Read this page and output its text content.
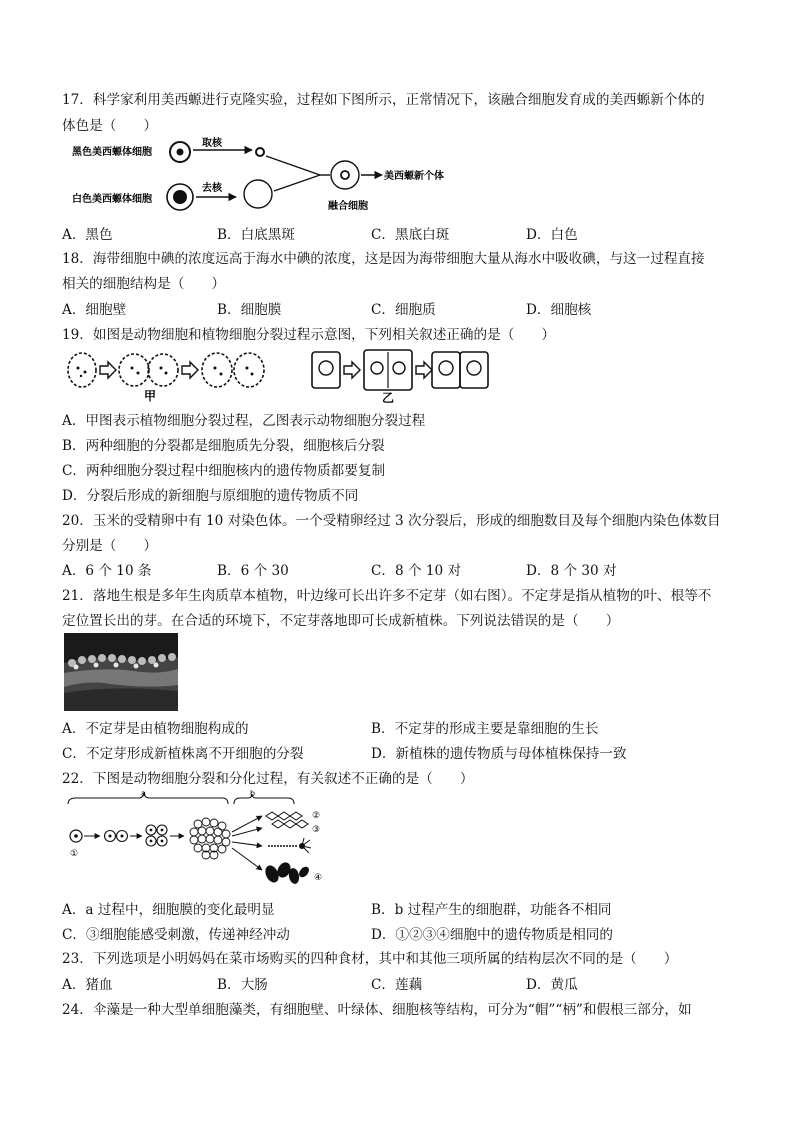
17．科学家利用美西螈进行克隆实验，过程如下图所示，正常情况下，该融合细胞发育成的美西螈新个体的
体色是（　　）
黑色美西螈体细胞
取核
白色美西螈体细胞
去核
美西螈新个体
融合细胞
A．黑色	B．白底黑斑	C．黑底白斑	D．白色
18．海带细胞中碘的浓度远高于海水中碘的浓度，这是因为海带细胞大量从海水中吸收碘，与这一过程直接
相关的细胞结构是（　　）
A．细胞壁	B．细胞膜	C．细胞质	D．细胞核
19．如图是动物细胞和植物细胞分裂过程示意图，下列相关叙述正确的是（　　）
甲	乙
A．甲图表示植物细胞分裂过程，乙图表示动物细胞分裂过程
B．两种细胞的分裂都是细胞质先分裂，细胞核后分裂
C．两种细胞分裂过程中细胞核内的遗传物质都要复制
D．分裂后形成的新细胞与原细胞的遗传物质不同
20．玉米的受精卵中有 10 对染色体。一个受精卵经过 3 次分裂后，形成的细胞数目及每个细胞内染色体数目
分别是（　　）
A．6 个 10 条	B．6 个 30	C．8 个 10 对	D．8 个 30 对
21．落地生根是多年生肉质草本植物，叶边缘可长出许多不定芽（如右图）。不定芽是指从植物的叶、根等不
定位置长出的芽。在合适的环境下，不定芽落地即可长成新植株。下列说法错误的是（　　）
A．不定芽是由植物细胞构成的	B．不定芽的形成主要是靠细胞的生长
C．不定芽形成新植株离不开细胞的分裂	D．新植株的遗传物质与母体植株保持一致
22．下图是动物细胞分裂和分化过程，有关叙述不正确的是（　　）
a	b
①
②
③
④
A．a 过程中，细胞膜的变化最明显	B．b 过程产生的细胞群，功能各不相同
C．③细胞能感受刺激，传递神经冲动	D．①②③④细胞中的遗传物质是相同的
23．下列选项是小明妈妈在菜市场购买的四种食材，其中和其他三项所属的结构层次不同的是（　　）
A．猪血	B．大肠	C．莲藕	D．黄瓜
24．伞藻是一种大型单细胞藻类，有细胞壁、叶绿体、细胞核等结构，可分为“帽”“柄”和假根三部分，如
